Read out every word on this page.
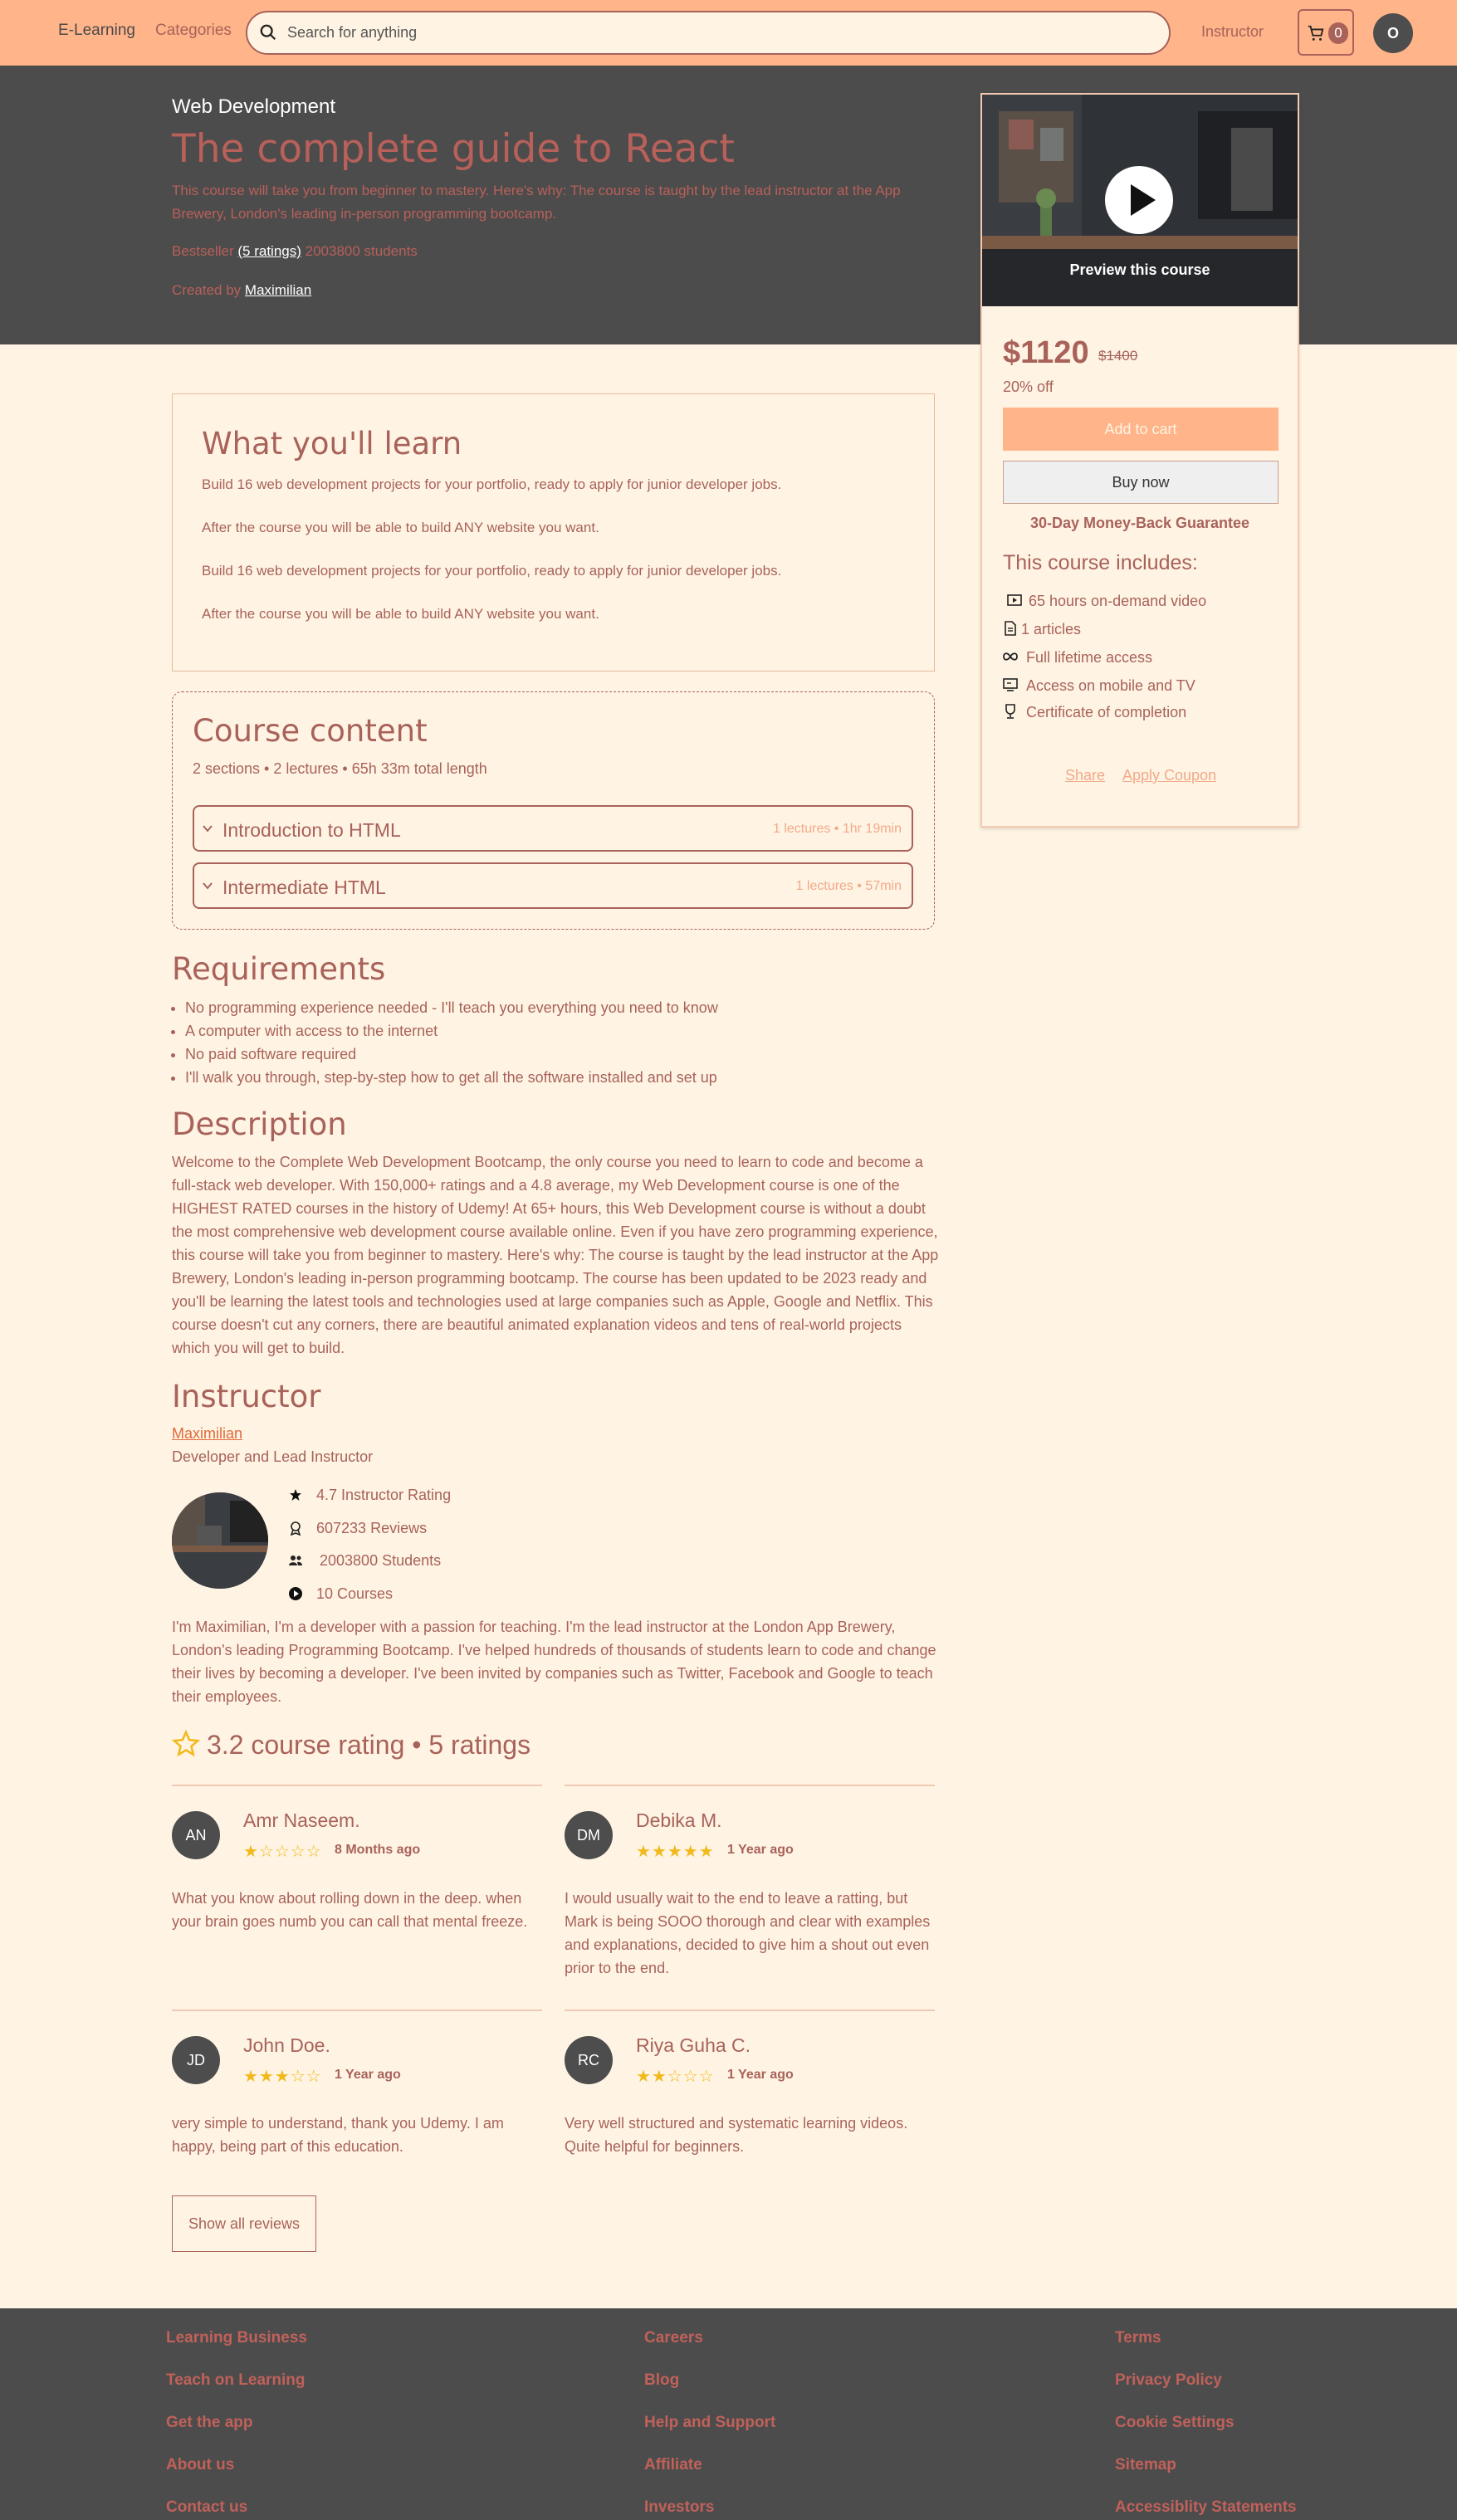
E-Learning Categories
Search for anything	Instructor	0	O
Web Development
The complete guide to React

This course will take you from beginner to mastery. Here's why: The course is taught by the lead instructor at the App Brewery, London's leading in-person programming bootcamp.

Bestseller (5 ratings) 2003800 students
Created by Maximilian
Preview this course
$1120 $1400
20% off
Add to cart
Buy now
30-Day Money-Back Guarantee
This course includes:
65 hours on-demand video
1 articles
Full lifetime access
Access on mobile and TV
Certificate of completion
Share Apply Coupon
What you'll learn

Build 16 web development projects for your portfolio, ready to apply for junior developer jobs.

After the course you will be able to build ANY website you want.

Build 16 web development projects for your portfolio, ready to apply for junior developer jobs.

After the course you will be able to build ANY website you want.

Course content
2 sections • 2 lectures • 65h 33m total length
Introduction to HTML	1 lectures • 1hr 19min
Intermediate HTML	1 lectures • 57min
Requirements
• No programming experience needed - I'll teach you everything you need to know
• A computer with access to the internet
• No paid software required
• I'll walk you through, step-by-step how to get all the software installed and set up
Description

Welcome to the Complete Web Development Bootcamp, the only course you need to learn to code and become a full-stack web developer. With 150,000+ ratings and a 4.8 average, my Web Development course is one of the HIGHEST RATED courses in the history of Udemy! At 65+ hours, this Web Development course is without a doubt the most comprehensive web development course available online. Even if you have zero programming experience, this course will take you from beginner to mastery. Here's why: The course is taught by the lead instructor at the App Brewery, London's leading in-person programming bootcamp. The course has been updated to be 2023 ready and you'll be learning the latest tools and technologies used at large companies such as Apple, Google and Netflix. This course doesn't cut any corners, there are beautiful animated explanation videos and tens of real-world projects which you will get to build.

Instructor
Maximilian
Developer and Lead Instructor
4.7 Instructor Rating
607233 Reviews
2003800 Students
10 Courses

I'm Maximilian, I'm a developer with a passion for teaching. I'm the lead instructor at the London App Brewery, London's leading Programming Bootcamp. I've helped hundreds of thousands of students learn to code and change their lives by becoming a developer. I've been invited by companies such as Twitter, Facebook and Google to teach their employees.

3.2 course rating • 5 ratings
AN
Amr Naseem.
★☆☆☆☆ 8 Months ago

What you know about rolling down in the deep. when your brain goes numb you can call that mental freeze.

DM
Debika M.
★★★★★ 1 Year ago

I would usually wait to the end to leave a ratting, but Mark is being SOOO thorough and clear with examples and explanations, decided to give him a shout out even prior to the end.

JD
John Doe.
★★★☆☆ 1 Year ago

very simple to understand, thank you Udemy. I am happy, being part of this education.

RC
Riya Guha C.
★★☆☆☆ 1 Year ago

Very well structured and systematic learning videos. Quite helpful for beginners.

Show all reviews
Learning Business
Teach on Learning
Get the app
About us
Contact us
Careers
Blog
Help and Support
Affiliate
Investors
Terms
Privacy Policy
Cookie Settings
Sitemap
Accessiblity Statements
